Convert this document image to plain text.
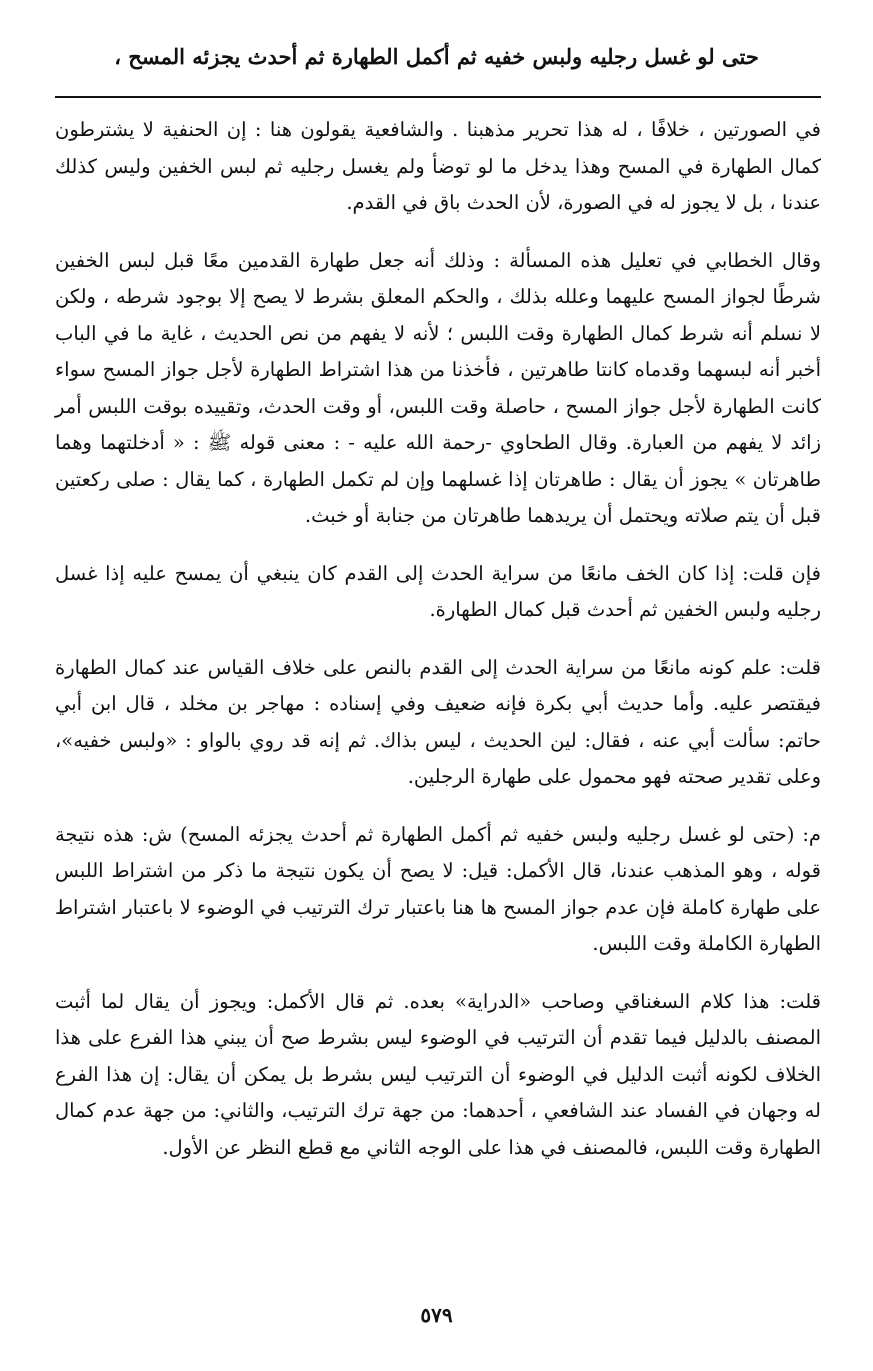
حتى لو غسل رجليه ولبس خفيه ثم أكمل الطهارة ثم أحدث يجزئه المسح ،

في الصورتين ، خلافًا ، له هذا تحرير مذهبنا . والشافعية يقولون هنا : إن الحنفية لا يشترطون كمال الطهارة في المسح وهذا يدخل ما لو توضأ ولم يغسل رجليه ثم لبس الخفين وليس كذلك عندنا ، بل لا يجوز له في الصورة، لأن الحدث باق في القدم.

وقال الخطابي في تعليل هذه المسألة : وذلك أنه جعل طهارة القدمين معًا قبل لبس الخفين شرطًا لجواز المسح عليهما وعلله بذلك ، والحكم المعلق بشرط لا يصح إلا بوجود شرطه ، ولكن لا نسلم أنه شرط كمال الطهارة وقت اللبس ؛ لأنه لا يفهم من نص الحديث ، غاية ما في الباب أخبر أنه لبسهما وقدماه كانتا طاهرتين ، فأخذنا من هذا اشتراط الطهارة لأجل جواز المسح سواء كانت الطهارة لأجل جواز المسح ، حاصلة وقت اللبس، أو وقت الحدث، وتقييده بوقت اللبس أمر زائد لا يفهم من العبارة. وقال الطحاوي -رحمة الله عليه - : معنى قوله ﷺ : « أدخلتهما وهما طاهرتان » يجوز أن يقال : طاهرتان إذا غسلهما وإن لم تكمل الطهارة ، كما يقال : صلى ركعتين قبل أن يتم صلاته ويحتمل أن يريدهما طاهرتان من جنابة أو خبث.

فإن قلت: إذا كان الخف مانعًا من سراية الحدث إلى القدم كان ينبغي أن يمسح عليه إذا غسل رجليه ولبس الخفين ثم أحدث قبل كمال الطهارة.

قلت: علم كونه مانعًا من سراية الحدث إلى القدم بالنص على خلاف القياس عند كمال الطهارة فيقتصر عليه. وأما حديث أبي بكرة فإنه ضعيف وفي إسناده : مهاجر بن مخلد ، قال ابن أبي حاتم: سألت أبي عنه ، فقال: لين الحديث ، ليس بذاك. ثم إنه قد روي بالواو : «ولبس خفيه»، وعلى تقدير صحته فهو محمول على طهارة الرجلين.

م: (حتى لو غسل رجليه ولبس خفيه ثم أكمل الطهارة ثم أحدث يجزئه المسح) ش: هذه نتيجة قوله ، وهو المذهب عندنا، قال الأكمل: قيل: لا يصح أن يكون نتيجة ما ذكر من اشتراط اللبس على طهارة كاملة فإن عدم جواز المسح ها هنا باعتبار ترك الترتيب في الوضوء لا باعتبار اشتراط الطهارة الكاملة وقت اللبس.

قلت: هذا كلام السغناقي وصاحب «الدراية» بعده. ثم قال الأكمل: ويجوز أن يقال لما أثبت المصنف بالدليل فيما تقدم أن الترتيب في الوضوء ليس بشرط صح أن يبني هذا الفرع على هذا الخلاف لكونه أثبت الدليل في الوضوء أن الترتيب ليس بشرط بل يمكن أن يقال: إن هذا الفرع له وجهان في الفساد عند الشافعي ، أحدهما: من جهة ترك الترتيب، والثاني: من جهة عدم كمال الطهارة وقت اللبس، فالمصنف في هذا على الوجه الثاني مع قطع النظر عن الأول.

٥٧٩
